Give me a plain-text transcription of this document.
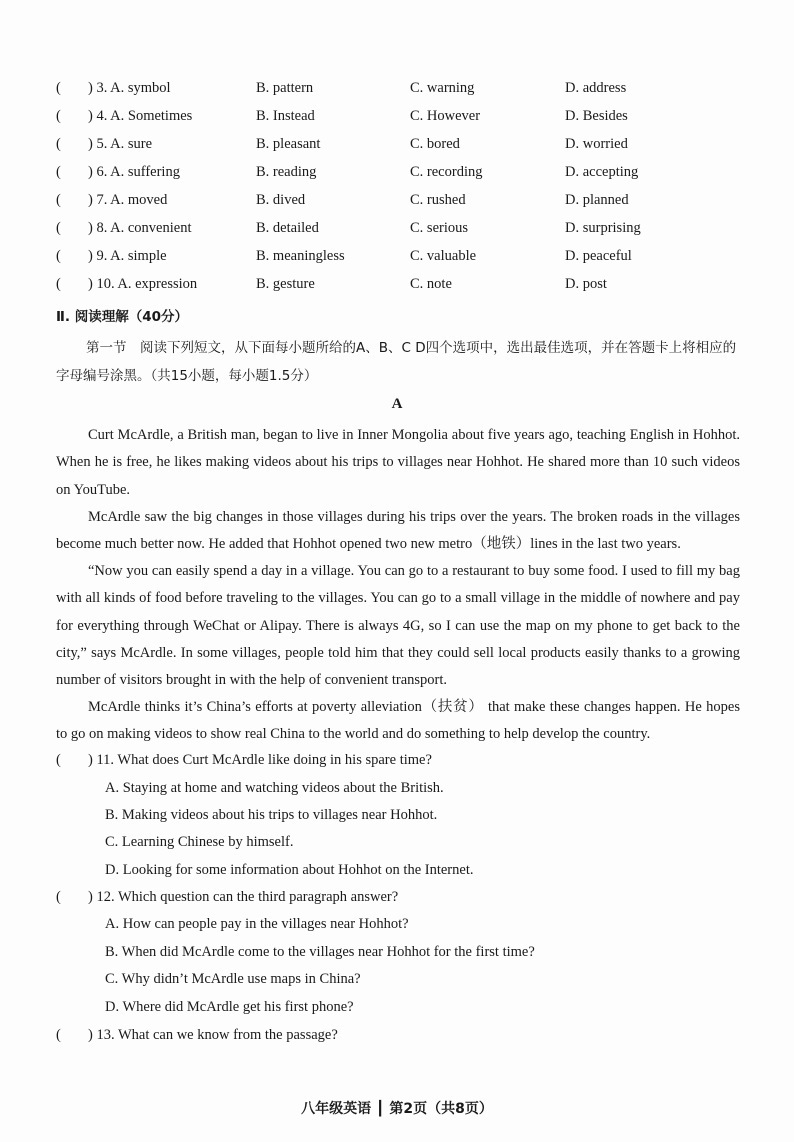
( ) 3. A. symbol	B. pattern	C. warning	D. address
( ) 4. A. Sometimes	B. Instead	C. However	D. Besides
( ) 5. A. sure	B. pleasant	C. bored	D. worried
( ) 6. A. suffering	B. reading	C. recording	D. accepting
( ) 7. A. moved	B. dived	C. rushed	D. planned
( ) 8. A. convenient	B. detailed	C. serious	D. surprising
( ) 9. A. simple	B. meaningless	C. valuable	D. peaceful
( ) 10. A. expression	B. gesture	C. note	D. post
Ⅱ. 阅读理解（40分）
第一节　阅读下列短文，从下面每小题所给的A、B、C D四个选项中，选出最佳选项，并在答题卡上将相应的字母编号涂黑。（共15小题，每小题1.5分）
A
Curt McArdle, a British man, began to live in Inner Mongolia about five years ago, teaching English in Hohhot. When he is free, he likes making videos about his trips to villages near Hohhot. He shared more than 10 such videos on YouTube.
McArdle saw the big changes in those villages during his trips over the years. The broken roads in the villages become much better now. He added that Hohhot opened two new metro（地铁）lines in the last two years.
“Now you can easily spend a day in a village. You can go to a restaurant to buy some food. I used to fill my bag with all kinds of food before traveling to the villages. You can go to a small village in the middle of nowhere and pay for everything through WeChat or Alipay. There is always 4G, so I can use the map on my phone to get back to the city,” says McArdle. In some villages, people told him that they could sell local products easily thanks to a growing number of visitors brought in with the help of convenient transport.
McArdle thinks it’s China’s efforts at poverty alleviation（扶贫） that make these changes happen. He hopes to go on making videos to show real China to the world and do something to help develop the country.
( ) 11. What does Curt McArdle like doing in his spare time?
A. Staying at home and watching videos about the British.
B. Making videos about his trips to villages near Hohhot.
C. Learning Chinese by himself.
D. Looking for some information about Hohhot on the Internet.
( ) 12. Which question can the third paragraph answer?
A. How can people pay in the villages near Hohhot?
B. When did McArdle come to the villages near Hohhot for the first time?
C. Why didn’t McArdle use maps in China?
D. Where did McArdle get his first phone?
( ) 13. What can we know from the passage?
八年级英语 ┃ 第2页（共8页）
